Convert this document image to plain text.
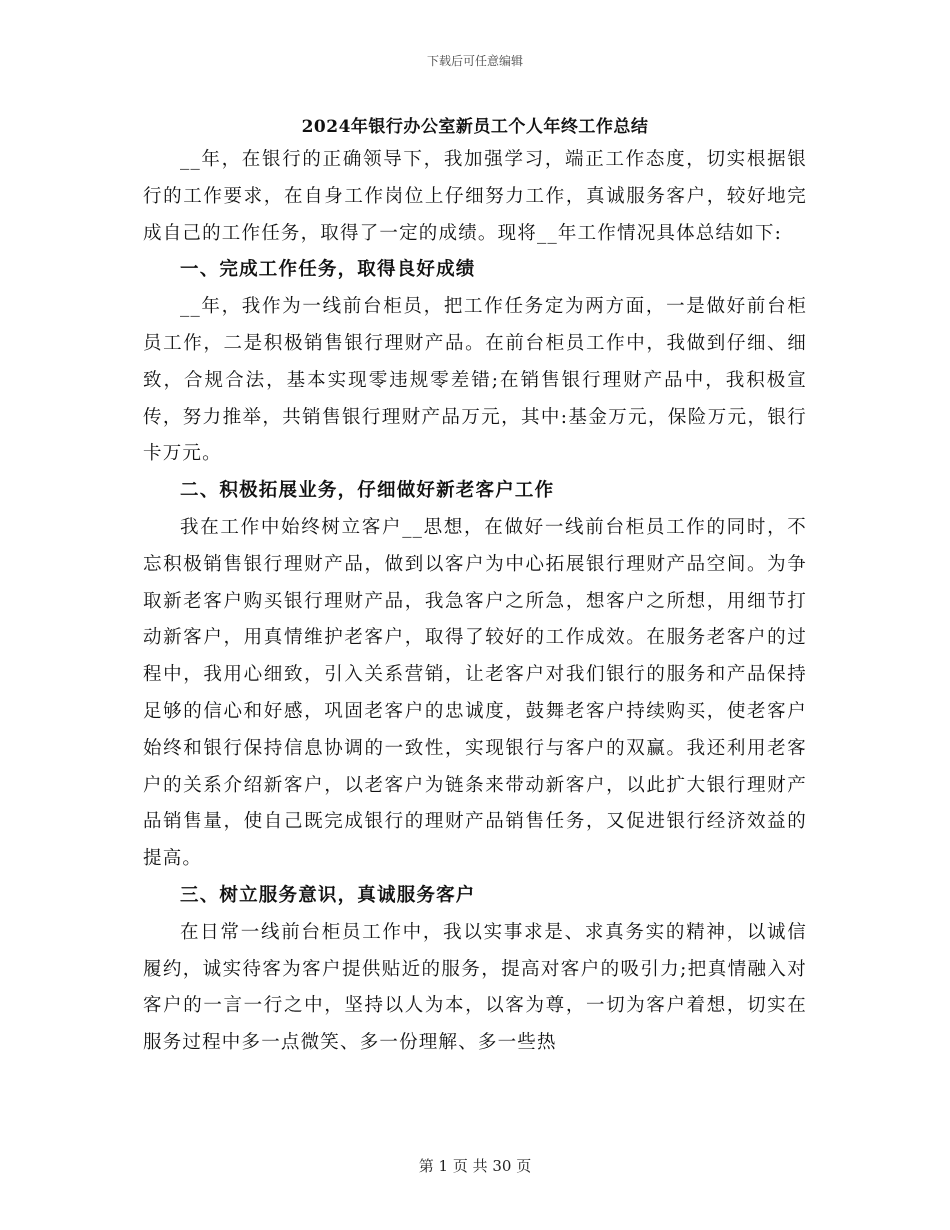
下载后可任意编辑
2024年银行办公室新员工个人年终工作总结

__年，在银行的正确领导下，我加强学习，端正工作态度，切实根据银行的工作要求，在自身工作岗位上仔细努力工作，真诚服务客户，较好地完成自己的工作任务，取得了一定的成绩。现将__年工作情况具体总结如下:

一、完成工作任务，取得良好成绩

__年，我作为一线前台柜员，把工作任务定为两方面，一是做好前台柜员工作，二是积极销售银行理财产品。在前台柜员工作中，我做到仔细、细致，合规合法，基本实现零违规零差错;在销售银行理财产品中，我积极宣传，努力推举，共销售银行理财产品万元，其中:基金万元，保险万元，银行卡万元。

二、积极拓展业务，仔细做好新老客户工作

我在工作中始终树立客户__思想，在做好一线前台柜员工作的同时，不忘积极销售银行理财产品，做到以客户为中心拓展银行理财产品空间。为争取新老客户购买银行理财产品，我急客户之所急，想客户之所想，用细节打动新客户，用真情维护老客户，取得了较好的工作成效。在服务老客户的过程中，我用心细致，引入关系营销，让老客户对我们银行的服务和产品保持足够的信心和好感，巩固老客户的忠诚度，鼓舞老客户持续购买，使老客户始终和银行保持信息协调的一致性，实现银行与客户的双赢。我还利用老客户的关系介绍新客户，以老客户为链条来带动新客户，以此扩大银行理财产品销售量，使自己既完成银行的理财产品销售任务，又促进银行经济效益的提高。

三、树立服务意识，真诚服务客户

在日常一线前台柜员工作中，我以实事求是、求真务实的精神，以诚信履约，诚实待客为客户提供贴近的服务，提高对客户的吸引力;把真情融入对客户的一言一行之中，坚持以人为本，以客为尊，一切为客户着想，切实在服务过程中多一点微笑、多一份理解、多一些热

第 1 页 共 30 页
